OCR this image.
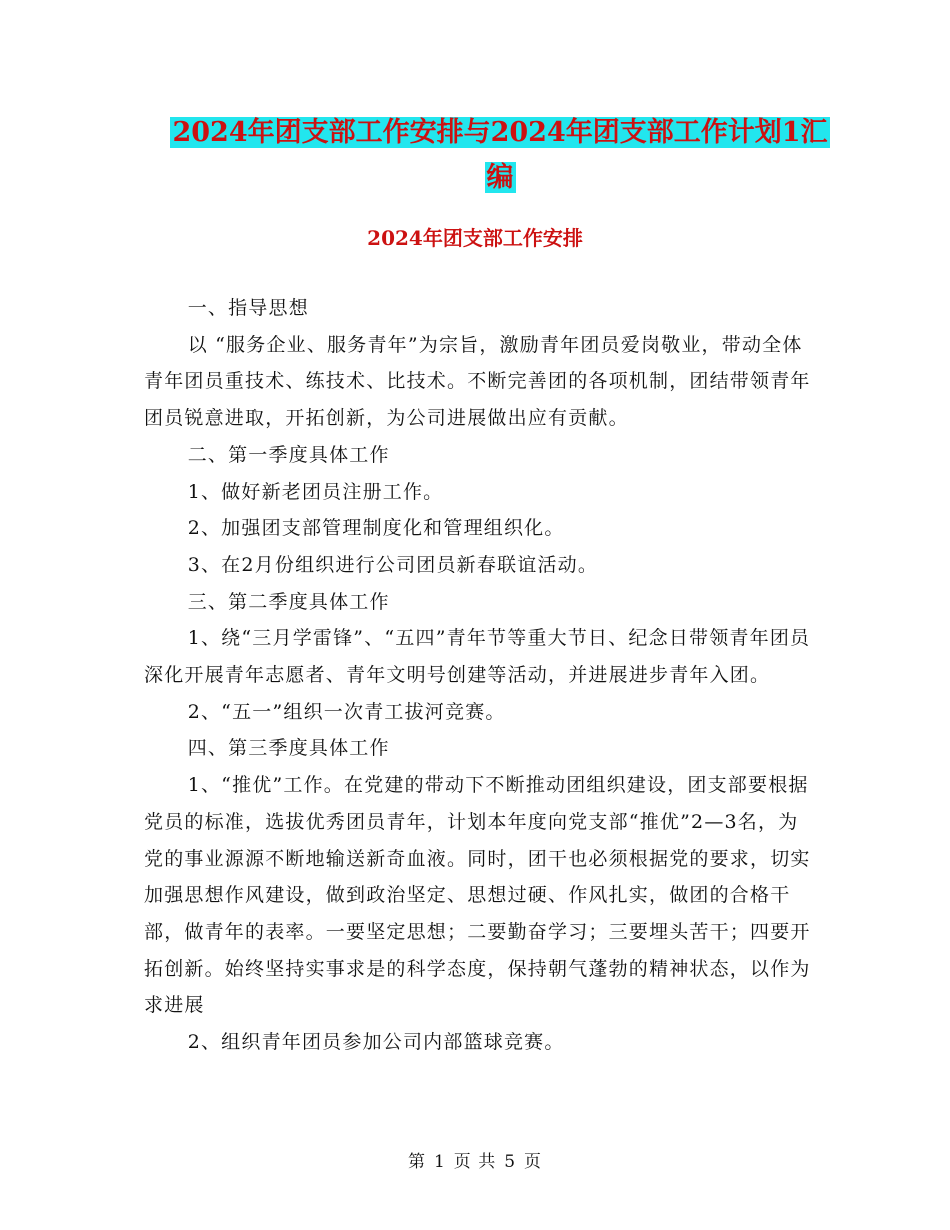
2024年团支部工作安排与2024年团支部工作计划1汇
编
2024年团支部工作安排

一、指导思想

以 “服务企业、服务青年”为宗旨，激励青年团员爱岗敬业，带动全体青年团员重技术、练技术、比技术。不断完善团的各项机制，团结带领青年团员锐意进取，开拓创新，为公司进展做出应有贡献。

二、第一季度具体工作

1、做好新老团员注册工作。

2、加强团支部管理制度化和管理组织化。

3、在2月份组织进行公司团员新春联谊活动。

三、第二季度具体工作

1、绕“三月学雷锋”、“五四”青年节等重大节日、纪念日带领青年团员深化开展青年志愿者、青年文明号创建等活动，并进展进步青年入团。

2、“五一”组织一次青工拔河竞赛。

四、第三季度具体工作

1、“推优”工作。在党建的带动下不断推动团组织建设，团支部要根据党员的标准，选拔优秀团员青年，计划本年度向党支部“推优”2—3名，为党的事业源源不断地输送新奇血液。同时，团干也必须根据党的要求，切实加强思想作风建设，做到政治坚定、思想过硬、作风扎实，做团的合格干部，做青年的表率。一要坚定思想；二要勤奋学习；三要埋头苦干；四要开拓创新。始终坚持实事求是的科学态度，保持朝气蓬勃的精神状态，以作为求进展

2、组织青年团员参加公司内部篮球竞赛。

第 1 页 共 5 页
